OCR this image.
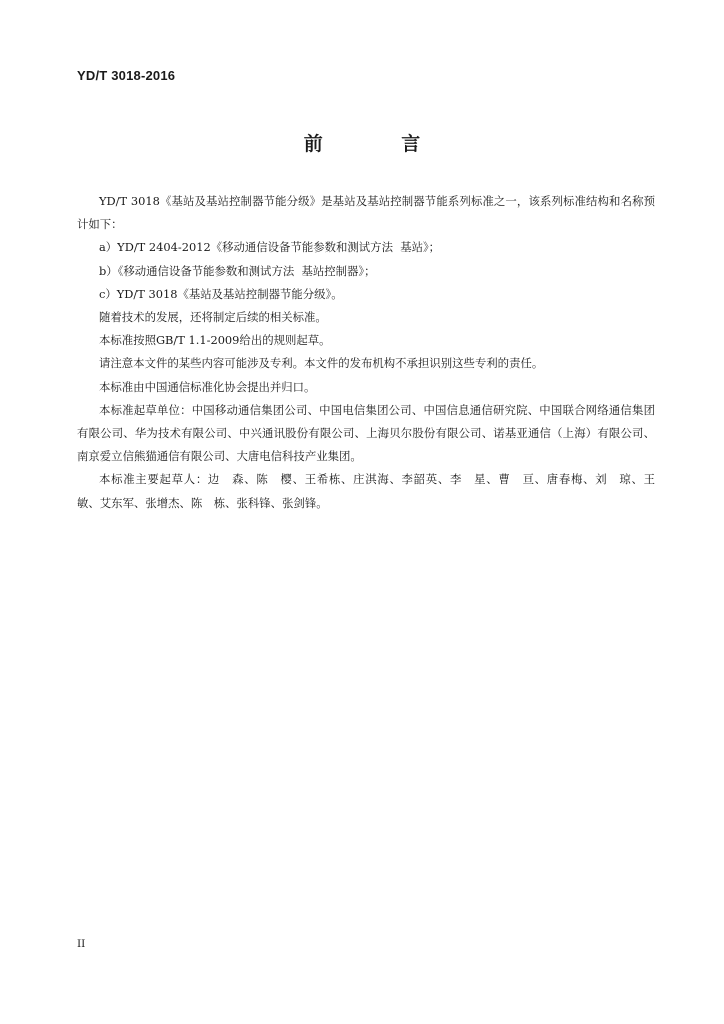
YD/T 3018-2016
前 言

YD/T 3018《基站及基站控制器节能分级》是基站及基站控制器节能系列标准之一，该系列标准结构和名称预计如下：

a）YD/T 2404-2012《移动通信设备节能参数和测试方法  基站》；

b）《移动通信设备节能参数和测试方法  基站控制器》；

c）YD/T 3018《基站及基站控制器节能分级》。

随着技术的发展，还将制定后续的相关标准。

本标准按照GB/T 1.1-2009给出的规则起草。

请注意本文件的某些内容可能涉及专利。本文件的发布机构不承担识别这些专利的责任。

本标准由中国通信标准化协会提出并归口。

本标准起草单位：中国移动通信集团公司、中国电信集团公司、中国信息通信研究院、中国联合网络通信集团有限公司、华为技术有限公司、中兴通讯股份有限公司、上海贝尔股份有限公司、诺基亚通信（上海）有限公司、南京爱立信熊猫通信有限公司、大唐电信科技产业集团。

本标准主要起草人：边　森、陈　樱、王希栋、庄淇海、李韶英、李　星、曹　亘、唐春梅、刘　琼、王　敏、艾东军、张增杰、陈　栋、张科锋、张剑锋。

II
